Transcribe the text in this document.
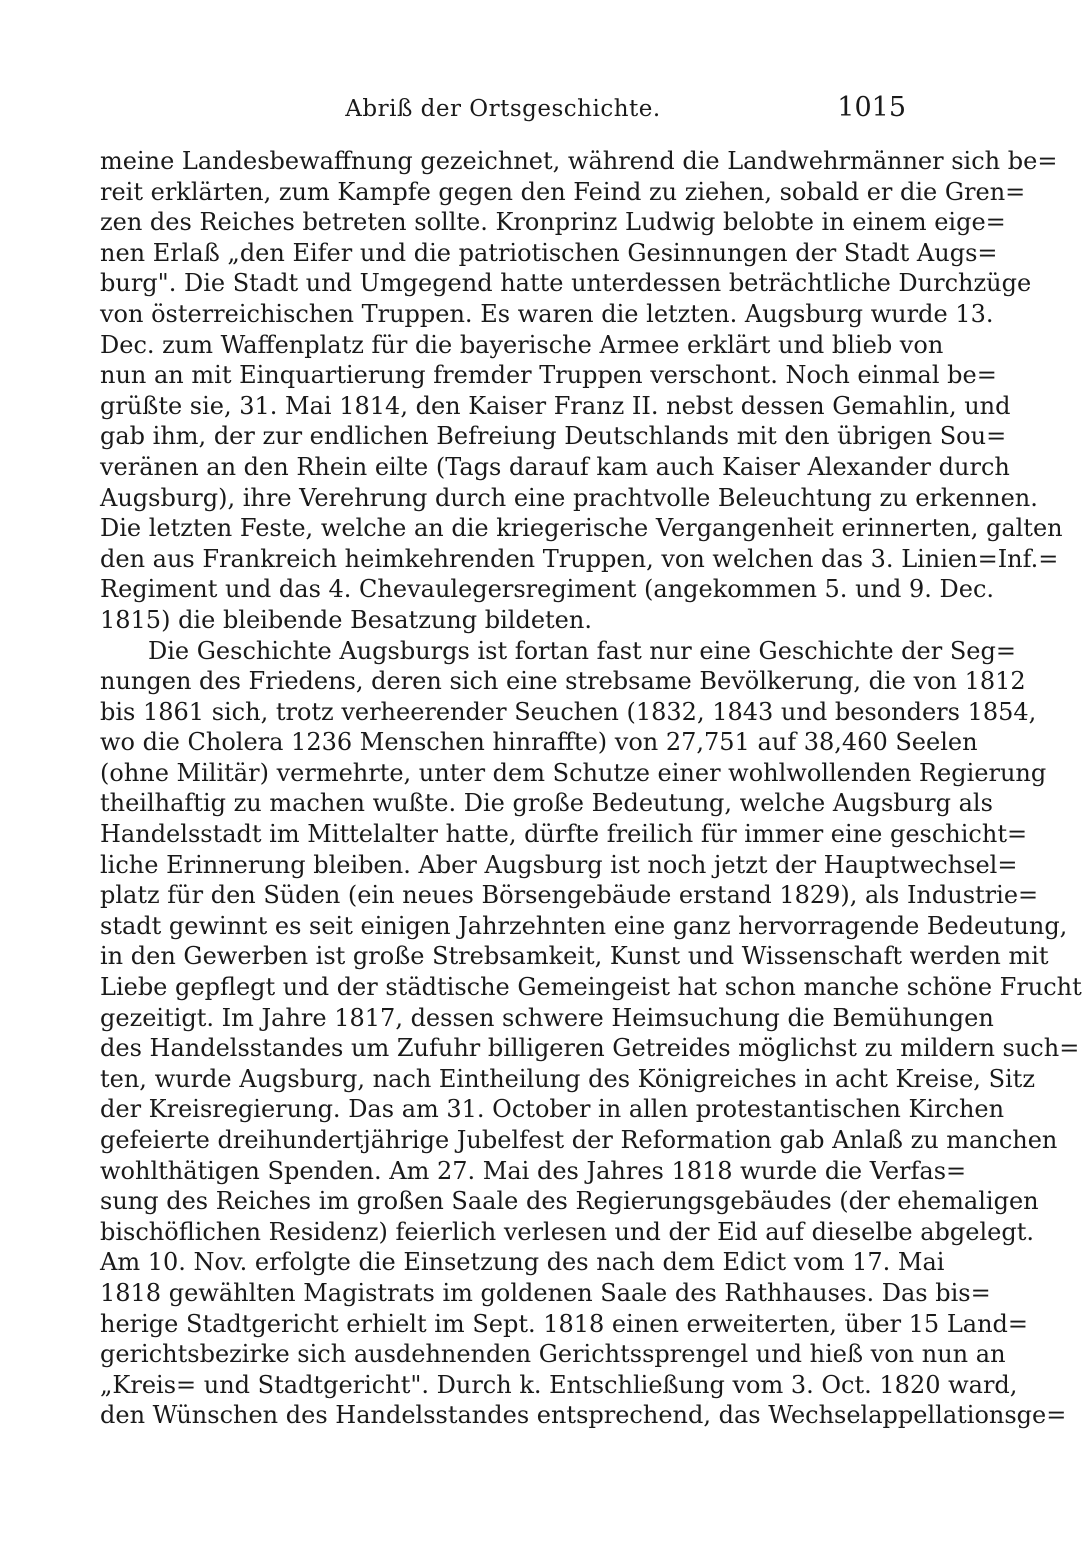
Abriß der Ortsgeschichte.	1015
meine Landesbewaffnung gezeichnet, während die Landwehrmänner sich be=
reit erklärten, zum Kampfe gegen den Feind zu ziehen, sobald er die Gren=
zen des Reiches betreten sollte. Kronprinz Ludwig belobte in einem eige=
nen Erlaß „den Eifer und die patriotischen Gesinnungen der Stadt Augs=
burg". Die Stadt und Umgegend hatte unterdessen beträchtliche Durchzüge
von österreichischen Truppen. Es waren die letzten. Augsburg wurde 13.
Dec. zum Waffenplatz für die bayerische Armee erklärt und blieb von
nun an mit Einquartierung fremder Truppen verschont. Noch einmal be=
grüßte sie, 31. Mai 1814, den Kaiser Franz II. nebst dessen Gemahlin, und
gab ihm, der zur endlichen Befreiung Deutschlands mit den übrigen Sou=
veränen an den Rhein eilte (Tags darauf kam auch Kaiser Alexander durch
Augsburg), ihre Verehrung durch eine prachtvolle Beleuchtung zu erkennen.
Die letzten Feste, welche an die kriegerische Vergangenheit erinnerten, galten
den aus Frankreich heimkehrenden Truppen, von welchen das 3. Linien=Inf.=
Regiment und das 4. Chevaulegersregiment (angekommen 5. und 9. Dec.
1815) die bleibende Besatzung bildeten.
Die Geschichte Augsburgs ist fortan fast nur eine Geschichte der Seg=
nungen des Friedens, deren sich eine strebsame Bevölkerung, die von 1812
bis 1861 sich, trotz verheerender Seuchen (1832, 1843 und besonders 1854,
wo die Cholera 1236 Menschen hinraffte) von 27,751 auf 38,460 Seelen
(ohne Militär) vermehrte, unter dem Schutze einer wohlwollenden Regierung
theilhaftig zu machen wußte. Die große Bedeutung, welche Augsburg als
Handelsstadt im Mittelalter hatte, dürfte freilich für immer eine geschicht=
liche Erinnerung bleiben. Aber Augsburg ist noch jetzt der Hauptwechsel=
platz für den Süden (ein neues Börsengebäude erstand 1829), als Industrie=
stadt gewinnt es seit einigen Jahrzehnten eine ganz hervorragende Bedeutung,
in den Gewerben ist große Strebsamkeit, Kunst und Wissenschaft werden mit
Liebe gepflegt und der städtische Gemeingeist hat schon manche schöne Frucht
gezeitigt. Im Jahre 1817, dessen schwere Heimsuchung die Bemühungen
des Handelsstandes um Zufuhr billigeren Getreides möglichst zu mildern such=
ten, wurde Augsburg, nach Eintheilung des Königreiches in acht Kreise, Sitz
der Kreisregierung. Das am 31. October in allen protestantischen Kirchen
gefeierte dreihundertjährige Jubelfest der Reformation gab Anlaß zu manchen
wohlthätigen Spenden. Am 27. Mai des Jahres 1818 wurde die Verfas=
sung des Reiches im großen Saale des Regierungsgebäudes (der ehemaligen
bischöflichen Residenz) feierlich verlesen und der Eid auf dieselbe abgelegt.
Am 10. Nov. erfolgte die Einsetzung des nach dem Edict vom 17. Mai
1818 gewählten Magistrats im goldenen Saale des Rathhauses. Das bis=
herige Stadtgericht erhielt im Sept. 1818 einen erweiterten, über 15 Land=
gerichtsbezirke sich ausdehnenden Gerichtssprengel und hieß von nun an
„Kreis= und Stadtgericht". Durch k. Entschließung vom 3. Oct. 1820 ward,
den Wünschen des Handelsstandes entsprechend, das Wechselappellationsge=
